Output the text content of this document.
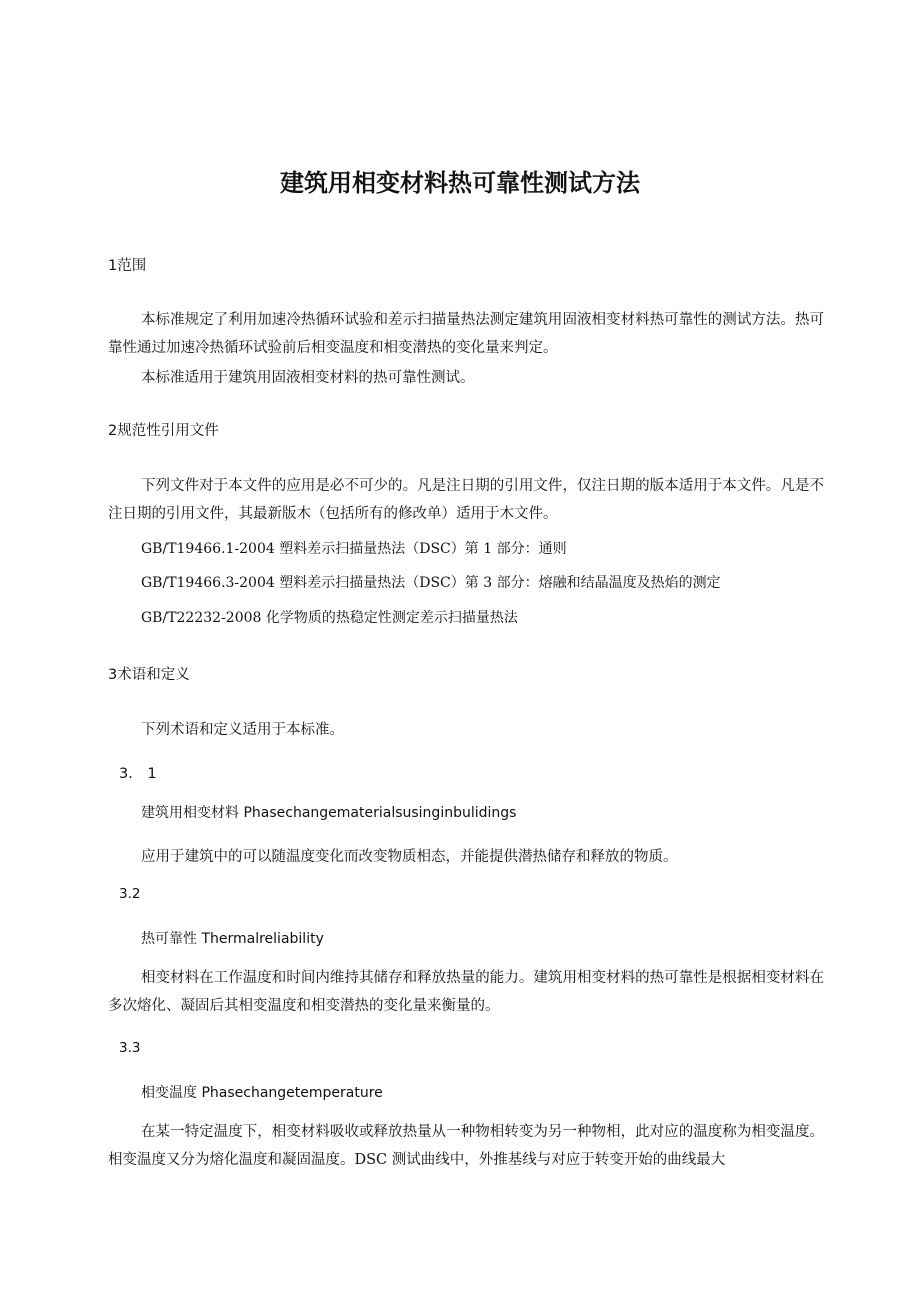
建筑用相变材料热可靠性测试方法
1范围
本标准规定了利用加速冷热循环试验和差示扫描量热法测定建筑用固液相变材料热可靠性的测试方法。热可靠性通过加速冷热循环试验前后相变温度和相变潜热的变化量来判定。
本标准适用于建筑用固液相变材料的热可靠性测试。
2规范性引用文件
下列文件对于本文件的应用是必不可少的。凡是注日期的引用文件，仅注日期的版本适用于本文件。凡是不注日期的引用文件，其最新版木（包括所有的修改单）适用于木文件。
GB/T19466.1-2004 塑料差示扫描量热法（DSC）第 1 部分：通则
GB/T19466.3-2004 塑料差示扫描量热法（DSC）第 3 部分：熔融和结晶温度及热焰的测定
GB/T22232-2008 化学物质的热稳定性测定差示扫描量热法
3术语和定义
下列术语和定义适用于本标准。
3.　1
建筑用相变材料 Phasechangematerialsusinginbulidings
应用于建筑中的可以随温度变化而改变物质相态，并能提供潜热储存和释放的物质。
3.2
热可靠性 Thermalreliability
相变材料在工作温度和时间内维持其储存和释放热量的能力。建筑用相变材料的热可靠性是根据相变材料在多次熔化、凝固后其相变温度和相变潜热的变化量来衡量的。
3.3
相变温度 Phasechangetemperature
在某一特定温度下，相变材料吸收或释放热量从一种物相转变为另一种物相，此对应的温度称为相变温度。相变温度又分为熔化温度和凝固温度。DSC 测试曲线中，外推基线与对应于转变开始的曲线最大
